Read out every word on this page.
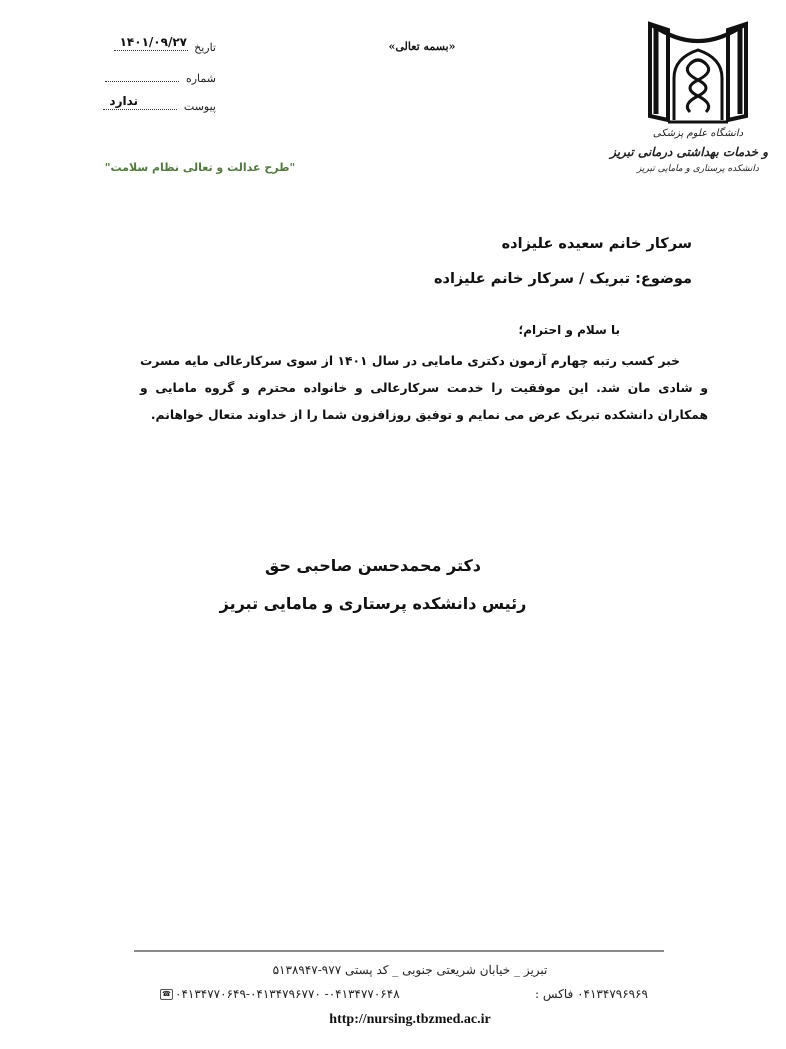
دانشگاه علوم پزشکی
و خدمات بهداشتی درمانی تبریز
دانشکده پرستاری و مامایی تبریز
«بسمه تعالی»
تاریخ
۱۴۰۱/۰۹/۲۷
شماره
پیوست
ندارد
"طرح عدالت و تعالی نظام سلامت"
سرکار خانم سعیده علیزاده
موضوع: تبریک / سرکار خانم علیزاده
با سلام و احترام؛
خبر کسب رتبه چهارم آزمون دکتری مامایی در سال ۱۴۰۱ از سوی سرکارعالی مایه مسرت و شادی مان شد. این موفقیت را خدمت سرکارعالی و خانواده محترم و گروه مامایی و همکاران دانشکده تبریک عرض می نمایم و توفیق روزافزون شما را از خداوند متعال خواهانم.
دکتر محمدحسن صاحبی حق
رئیس دانشکده پرستاری و مامایی تبریز
تبریز _ خیابان شریعتی جنوبی _ کد پستی ۹۷۷-۵۱۳۸۹۴۷
۰۴۱۳۴۷۹۶۹۶۹ فاکس :
☎ ۰۴۱۳۴۷۷۰۶۴۸- ۰۴۱۳۴۷۷۰۶۴۹-۰۴۱۳۴۷۹۶۷۷۰
http://nursing.tbzmed.ac.ir
